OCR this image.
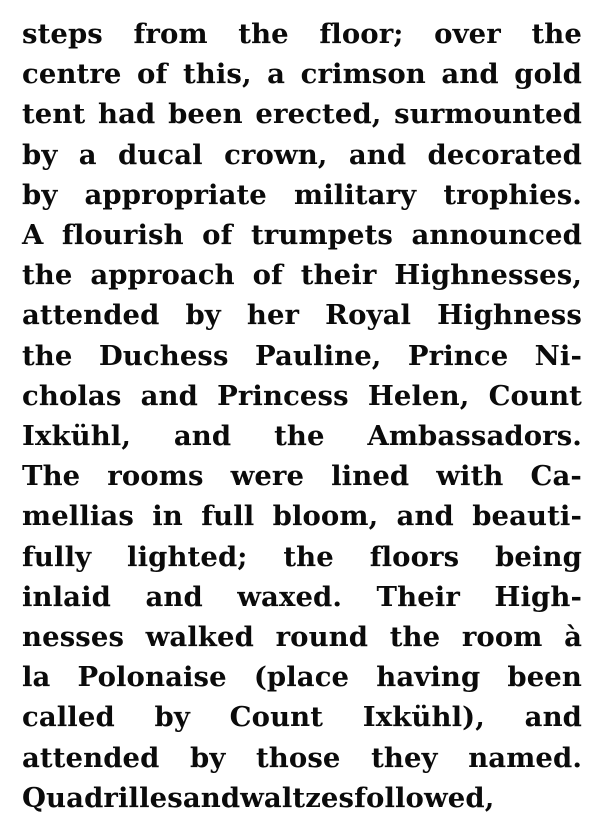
steps from the floor; over the
centre of this, a crimson and gold
tent had been erected, surmounted
by a ducal crown, and decorated
by appropriate military trophies.
A flourish of trumpets announced
the approach of their Highnesses,
attended by her Royal Highness
the Duchess Pauline, Prince Ni-
cholas and Princess Helen, Count
Ixkühl, and the Ambassadors.
The rooms were lined with Ca-
mellias in full bloom, and beauti-
fully lighted; the floors being
inlaid and waxed. Their High-
nesses walked round the room à
la Polonaise (place having been
called by Count Ixkühl), and
attended by those they named.
Quadrilles and waltzes followed,
